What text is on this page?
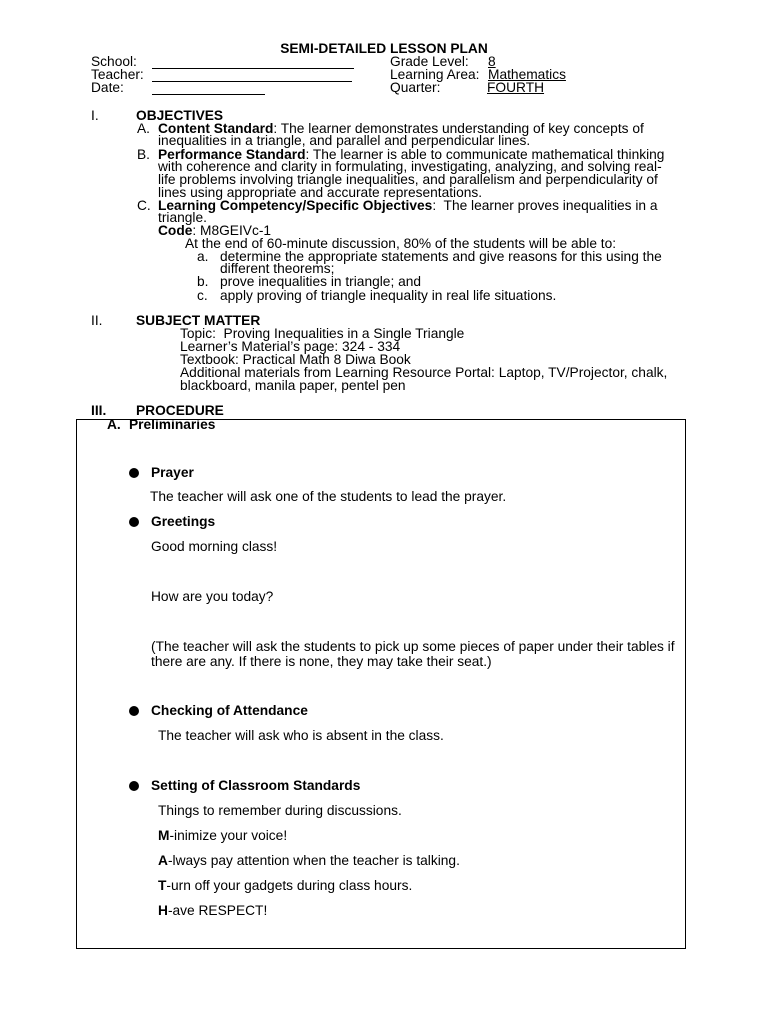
SEMI-DETAILED LESSON PLAN
School:
Teacher:
Date:
Grade Level: 8
Learning Area: Mathematics
Quarter:	FOURTH
I.	OBJECTIVES
A. Content Standard: The learner demonstrates understanding of key concepts of
inequalities in a triangle, and parallel and perpendicular lines.
B. Performance Standard: The learner is able to communicate mathematical thinking
with coherence and clarity in formulating, investigating, analyzing, and solving real-
life problems involving triangle inequalities, and parallelism and perpendicularity of
lines using appropriate and accurate representations.
C. Learning Competency/Specific Objectives:  The learner proves inequalities in a
triangle.
Code: M8GEIVc-1
At the end of 60-minute discussion, 80% of the students will be able to:
a. determine the appropriate statements and give reasons for this using the
different theorems;
b. prove inequalities in triangle; and
c. apply proving of triangle inequality in real life situations.
II. SUBJECT MATTER
Topic:  Proving Inequalities in a Single Triangle
Learner’s Material’s page: 324 - 334
Textbook: Practical Math 8 Diwa Book
Additional materials from Learning Resource Portal: Laptop, TV/Projector, chalk,
blackboard, manila paper, pentel pen
III. PROCEDURE
A. Preliminaries
Prayer
The teacher will ask one of the students to lead the prayer.
Greetings
Good morning class!
How are you today?
(The teacher will ask the students to pick up some pieces of paper under their tables if
there are any. If there is none, they may take their seat.)
Checking of Attendance
The teacher will ask who is absent in the class.
Setting of Classroom Standards
Things to remember during discussions.
M-inimize your voice!
A-lways pay attention when the teacher is talking.
T-urn off your gadgets during class hours.
H-ave RESPECT!
